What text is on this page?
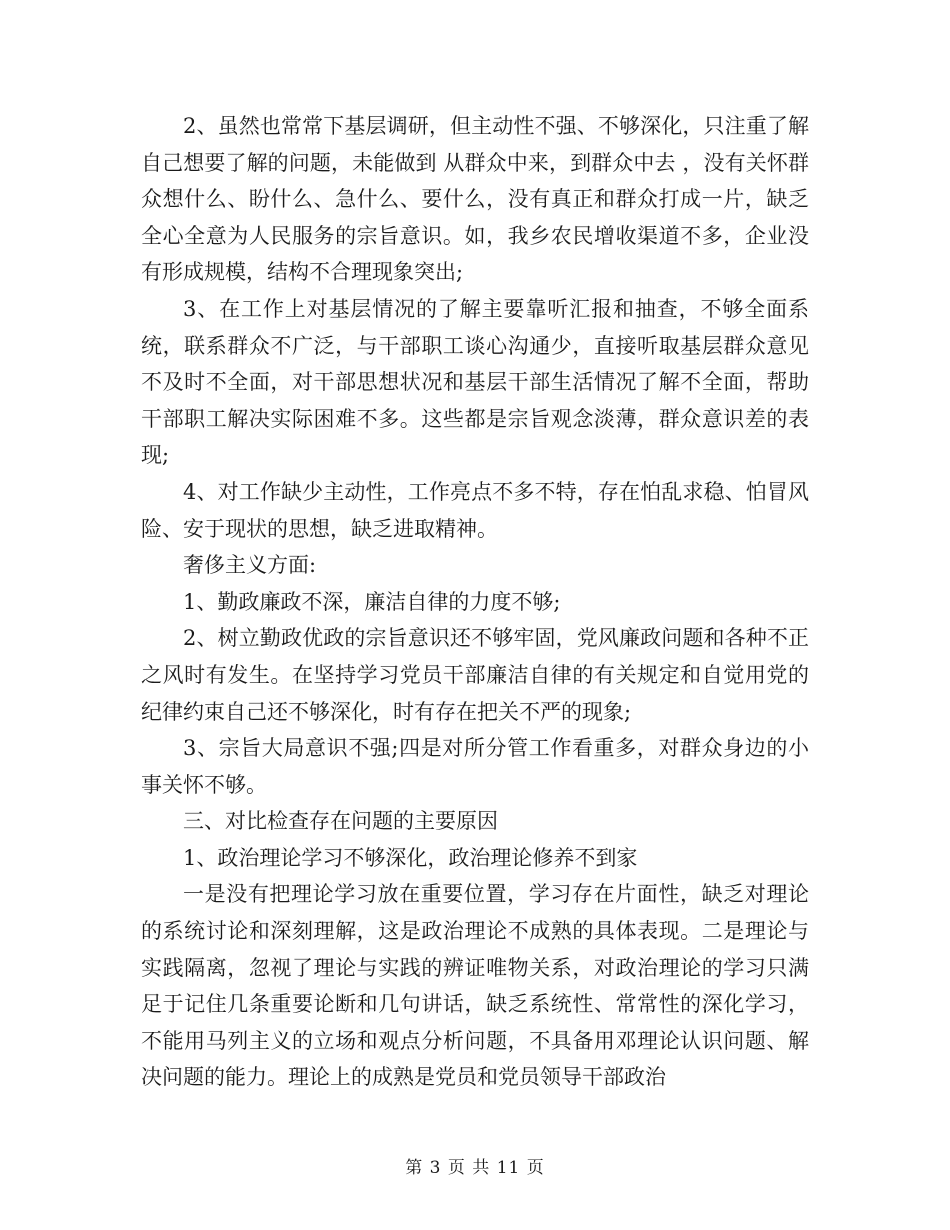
2、虽然也常常下基层调研，但主动性不强、不够深化，只注重了解自己想要了解的问题，未能做到 从群众中来，到群众中去 ，没有关怀群众想什么、盼什么、急什么、要什么，没有真正和群众打成一片，缺乏全心全意为人民服务的宗旨意识。如，我乡农民增收渠道不多，企业没有形成规模，结构不合理现象突出;

3、在工作上对基层情况的了解主要靠听汇报和抽查，不够全面系统，联系群众不广泛，与干部职工谈心沟通少，直接听取基层群众意见不及时不全面，对干部思想状况和基层干部生活情况了解不全面，帮助干部职工解决实际困难不多。这些都是宗旨观念淡薄，群众意识差的表现;

4、对工作缺少主动性，工作亮点不多不特，存在怕乱求稳、怕冒风险、安于现状的思想，缺乏进取精神。

奢侈主义方面:

1、勤政廉政不深，廉洁自律的力度不够;

2、树立勤政优政的宗旨意识还不够牢固，党风廉政问题和各种不正之风时有发生。在坚持学习党员干部廉洁自律的有关规定和自觉用党的纪律约束自己还不够深化，时有存在把关不严的现象;

3、宗旨大局意识不强;四是对所分管工作看重多，对群众身边的小事关怀不够。

三、对比检查存在问题的主要原因

1、政治理论学习不够深化，政治理论修养不到家

一是没有把理论学习放在重要位置，学习存在片面性，缺乏对理论的系统讨论和深刻理解，这是政治理论不成熟的具体表现。二是理论与实践隔离，忽视了理论与实践的辨证唯物关系，对政治理论的学习只满足于记住几条重要论断和几句讲话，缺乏系统性、常常性的深化学习，不能用马列主义的立场和观点分析问题，不具备用邓理论认识问题、解决问题的能力。理论上的成熟是党员和党员领导干部政治

第 3 页 共 11 页
